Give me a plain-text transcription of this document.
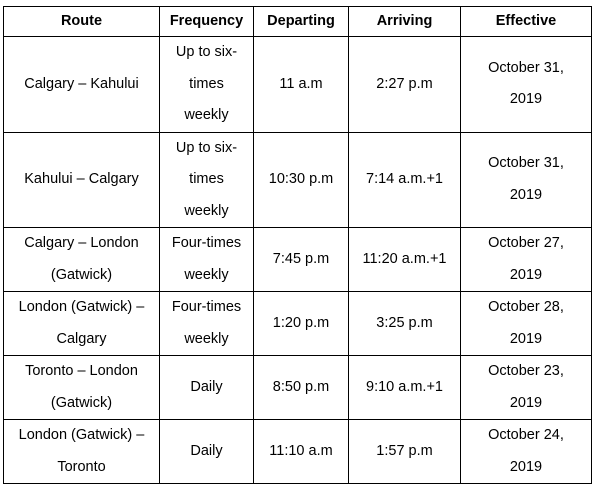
Route	Frequency	Departing	Arriving	Effective

Calgary – Kahului	Up to six-
times
weekly	11 a.m	2:27 p.m	October 31,
2019

Kahului – Calgary	Up to six-
times
weekly	10:30 p.m	7:14 a.m.+1	October 31,
2019

Calgary – London
(Gatwick)	Four-times
weekly	7:45 p.m	11:20 a.m.+1	October 27,
2019

London (Gatwick) –
Calgary	Four-times
weekly	1:20 p.m	3:25 p.m	October 28,
2019

Toronto – London
(Gatwick)	Daily	8:50 p.m	9:10 a.m.+1	October 23,
2019

London (Gatwick) –
Toronto	Daily	11:10 a.m	1:57 p.m	October 24,
2019
